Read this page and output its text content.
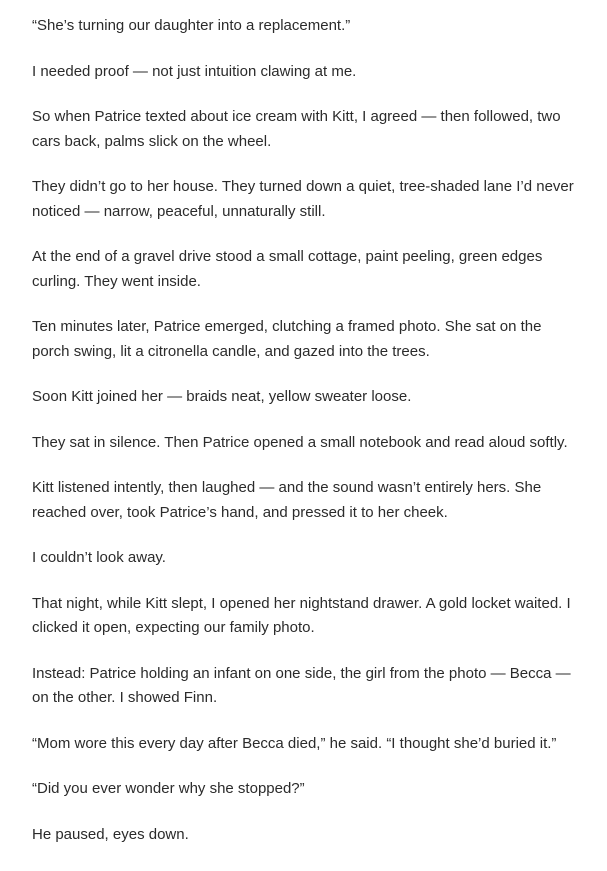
“She’s turning our daughter into a replacement.”

I needed proof — not just intuition clawing at me.

So when Patrice texted about ice cream with Kitt, I agreed — then followed, two cars back, palms slick on the wheel.

They didn’t go to her house. They turned down a quiet, tree-shaded lane I’d never noticed — narrow, peaceful, unnaturally still.

At the end of a gravel drive stood a small cottage, paint peeling, green edges curling. They went inside.

Ten minutes later, Patrice emerged, clutching a framed photo. She sat on the porch swing, lit a citronella candle, and gazed into the trees.

Soon Kitt joined her — braids neat, yellow sweater loose.

They sat in silence. Then Patrice opened a small notebook and read aloud softly.

Kitt listened intently, then laughed — and the sound wasn’t entirely hers. She reached over, took Patrice’s hand, and pressed it to her cheek.

I couldn’t look away.

That night, while Kitt slept, I opened her nightstand drawer. A gold locket waited. I clicked it open, expecting our family photo.

Instead: Patrice holding an infant on one side, the girl from the photo — Becca — on the other. I showed Finn.

“Mom wore this every day after Becca died,” he said. “I thought she’d buried it.”

“Did you ever wonder why she stopped?”

He paused, eyes down.
